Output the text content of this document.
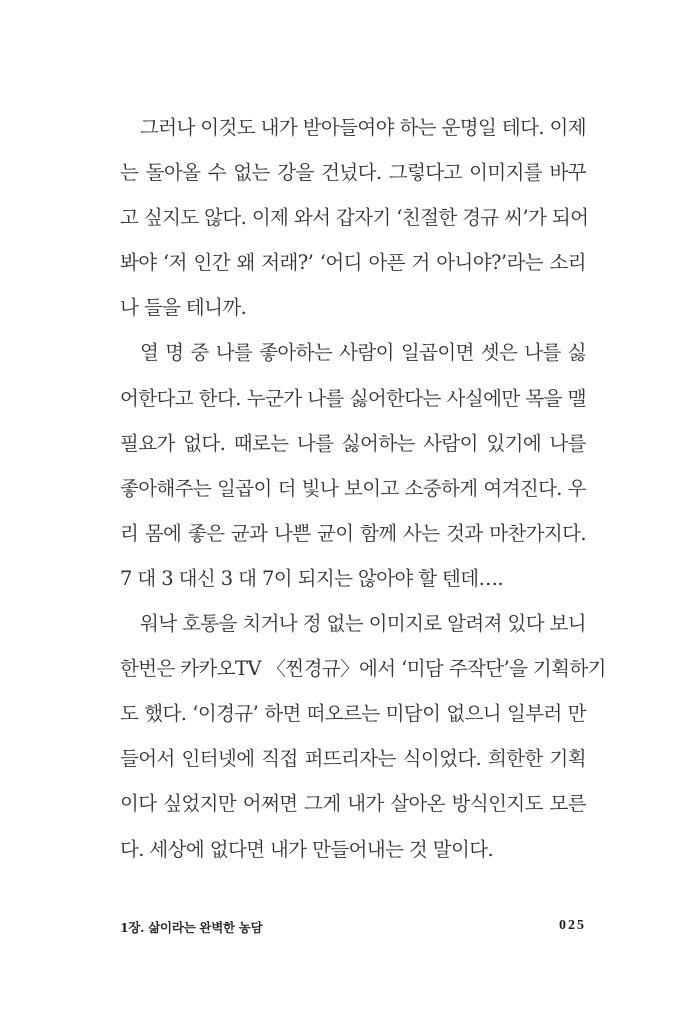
그러나 이것도 내가 받아들여야 하는 운명일 테다. 이제
는 돌아올 수 없는 강을 건넜다. 그렇다고 이미지를 바꾸
고 싶지도 않다. 이제 와서 갑자기 ‘친절한 경규 씨’가 되어
봐야 ‘저 인간 왜 저래?’ ‘어디 아픈 거 아니야?’라는 소리
나 들을 테니까.
열 명 중 나를 좋아하는 사람이 일곱이면 셋은 나를 싫
어한다고 한다. 누군가 나를 싫어한다는 사실에만 목을 맬
필요가 없다. 때로는 나를 싫어하는 사람이 있기에 나를
좋아해주는 일곱이 더 빛나 보이고 소중하게 여겨진다. 우
리 몸에 좋은 균과 나쁜 균이 함께 사는 것과 마찬가지다.
7 대 3 대신 3 대 7이 되지는 않아야 할 텐데….
워낙 호통을 치거나 정 없는 이미지로 알려져 있다 보니
한번은 카카오TV 〈찐경규〉에서 ‘미담 주작단’을 기획하기
도 했다. ‘이경규’ 하면 떠오르는 미담이 없으니 일부러 만
들어서 인터넷에 직접 퍼뜨리자는 식이었다. 희한한 기획
이다 싶었지만 어쩌면 그게 내가 살아온 방식인지도 모른
다. 세상에 없다면 내가 만들어내는 것 말이다.
1장. 삶이라는 완벽한 농담	025
